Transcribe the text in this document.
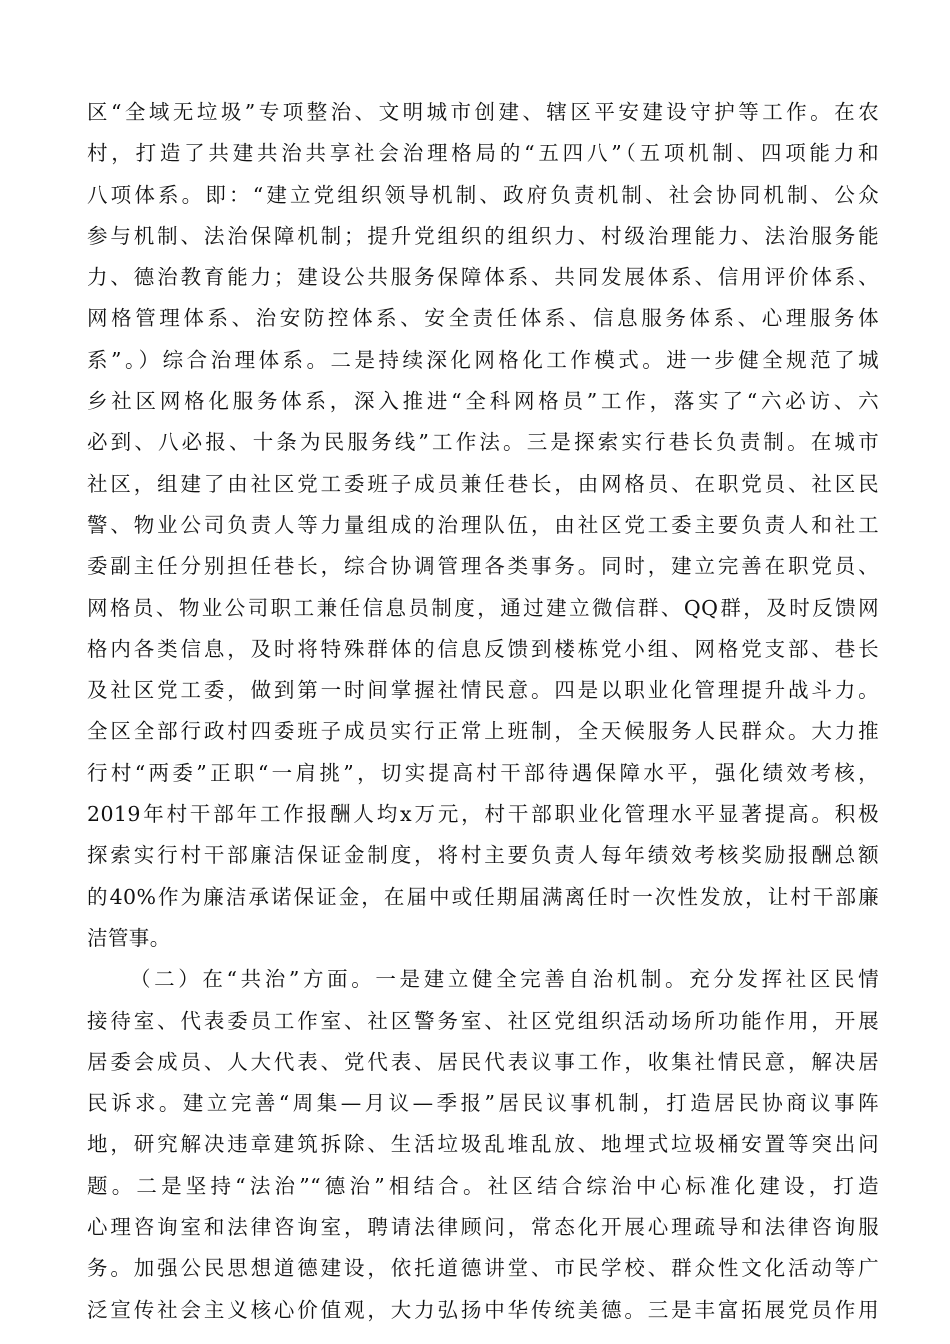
区“全域无垃圾”专项整治、文明城市创建、辖区平安建设守护等工作。在农
村，打造了共建共治共享社会治理格局的“五四八”（五项机制、四项能力和
八项体系。即：“建立党组织领导机制、政府负责机制、社会协同机制、公众
参与机制、法治保障机制；提升党组织的组织力、村级治理能力、法治服务能
力、德治教育能力；建设公共服务保障体系、共同发展体系、信用评价体系、
网格管理体系、治安防控体系、安全责任体系、信息服务体系、心理服务体
系”。）综合治理体系。二是持续深化网格化工作模式。进一步健全规范了城
乡社区网格化服务体系，深入推进“全科网格员”工作，落实了“六必访、六
必到、八必报、十条为民服务线”工作法。三是探索实行巷长负责制。在城市
社区，组建了由社区党工委班子成员兼任巷长，由网格员、在职党员、社区民
警、物业公司负责人等力量组成的治理队伍，由社区党工委主要负责人和社工
委副主任分别担任巷长，综合协调管理各类事务。同时，建立完善在职党员、
网格员、物业公司职工兼任信息员制度，通过建立微信群、QQ群，及时反馈网
格内各类信息，及时将特殊群体的信息反馈到楼栋党小组、网格党支部、巷长
及社区党工委，做到第一时间掌握社情民意。四是以职业化管理提升战斗力。
全区全部行政村四委班子成员实行正常上班制，全天候服务人民群众。大力推
行村“两委”正职“一肩挑”，切实提高村干部待遇保障水平，强化绩效考核，
2019年村干部年工作报酬人均x万元，村干部职业化管理水平显著提高。积极
探索实行村干部廉洁保证金制度，将村主要负责人每年绩效考核奖励报酬总额
的40%作为廉洁承诺保证金，在届中或任期届满离任时一次性发放，让村干部廉
洁管事。
（二）在“共治”方面。一是建立健全完善自治机制。充分发挥社区民情
接待室、代表委员工作室、社区警务室、社区党组织活动场所功能作用，开展
居委会成员、人大代表、党代表、居民代表议事工作，收集社情民意，解决居
民诉求。建立完善“周集—月议—季报”居民议事机制，打造居民协商议事阵
地，研究解决违章建筑拆除、生活垃圾乱堆乱放、地埋式垃圾桶安置等突出问
题。二是坚持“法治”“德治”相结合。社区结合综治中心标准化建设，打造
心理咨询室和法律咨询室，聘请法律顾问，常态化开展心理疏导和法律咨询服
务。加强公民思想道德建设，依托道德讲堂、市民学校、群众性文化活动等广
泛宣传社会主义核心价值观，大力弘扬中华传统美德。三是丰富拓展党员作用
